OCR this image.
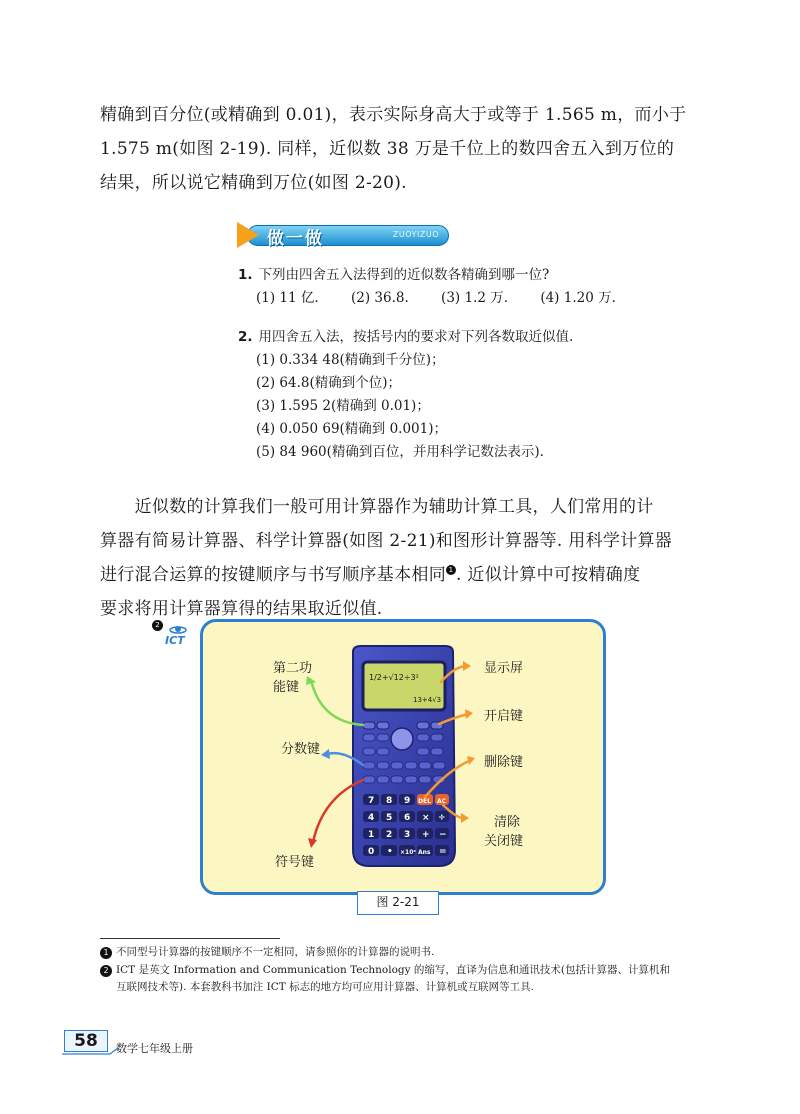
精确到百分位(或精确到 0.01)，表示实际身高大于或等于 1.565 m，而小于

1.575 m(如图 2-19). 同样，近似数 38 万是千位上的数四舍五入到万位的

结果，所以说它精确到万位(如图 2-20).

做一做	ZUOYIZUO
1. 下列由四舍五入法得到的近似数各精确到哪一位?
(1) 11 亿. (2) 36.8. (3) 1.2 万. (4) 1.20 万.
2. 用四舍五入法，按括号内的要求对下列各数取近似值.
(1) 0.334 48(精确到千分位)；
(2) 64.8(精确到个位)；
(3) 1.595 2(精确到 0.01)；
(4) 0.050 69(精确到 0.001)；
(5) 84 960(精确到百位，并用科学记数法表示).

　　近似数的计算我们一般可用计算器作为辅助计算工具，人们常用的计

算器有简易计算器、科学计算器(如图 2-21)和图形计算器等. 用科学计算器

进行混合运算的按键顺序与书写顺序基本相同 $^1$ . 近似计算中可按精确度

要求将用计算器算得的结果取近似值.

2
ICT
1/2+√12÷3²
13+4√3
7 8 9 DEL AC
4 5 6 × ÷
1 2 3 + −
0 • ×10ˣ Ans =
第二功
能键
显示屏
开启键
分数键
删除键
清除
关闭键
符号键
图 2-21
1 不同型号计算器的按键顺序不一定相同，请参照你的计算器的说明书.
2 ICT 是英文 Information and Communication Technology 的缩写，直译为信息和通讯技术(包括计算器、计算机和
互联网技术等). 本套教科书加注 ICT 标志的地方均可应用计算器、计算机或互联网等工具.
58	数学七年级上册
